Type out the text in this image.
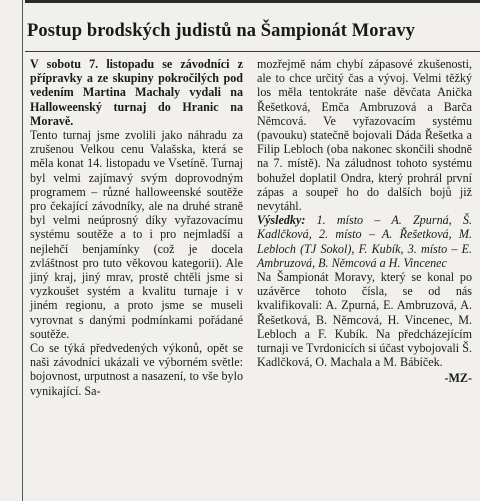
Postup brodských judistů na Šampionát Moravy

V sobotu 7. listopadu se závodníci z přípravky a ze skupiny pokročilých pod vedením Martina Machaly vydali na Halloweenský turnaj do Hranic na Moravě.

Tento turnaj jsme zvolili jako náhradu za zrušenou Velkou cenu Valašska, která se měla konat 14. listopadu ve Vsetíně. Turnaj byl velmi zajímavý svým doprovodným programem – různé halloweenské soutěže pro čekající závodníky, ale na druhé straně byl velmi neúprosný díky vyřazovacímu systému soutěže a to i pro nejmladší a nejlehčí benjamínky (což je docela zvláštnost pro tuto věkovou kategorii). Ale jiný kraj, jiný mrav, prostě chtěli jsme si vyzkoušet systém a kvalitu turnaje i v jiném regionu, a proto jsme se museli vyrovnat s danými podmínkami pořádané soutěže.

Co se týká předvedených výkonů, opět se naši závodníci ukázali ve výborném světle: bojovnost, urputnost a nasazení, to vše bylo vynikající. Sa-

mozřejmě nám chybí zápasové zkušenosti, ale to chce určitý čas a vývoj. Velmi těžký los měla tentokráte naše děvčata Anička Řešetková, Emča Ambruzová a Barča Němcová. Ve vyřazovacím systému (pavouku) statečně bojovali Dáda Řešetka a Filip Lebloch (oba nakonec skončili shodně na 7. místě). Na záludnost tohoto systému bohužel doplatil Ondra, který prohrál první zápas a soupeř ho do dalších bojů již nevytáhl.

Výsledky: 1. místo – A. Zpurná, Š. Kadlčková, 2. místo – A. Řešetková, M. Lebloch (TJ Sokol), F. Kubík, 3. místo – E. Ambruzová, B. Němcová a H. Vincenec

Na Šampionát Moravy, který se konal po uzávěrce tohoto čísla, se od nás kvalifikovali: A. Zpurná, E. Ambruzová, A. Řešetková, B. Němcová, H. Vincenec, M. Lebloch a F. Kubík. Na předcházejícím turnaji ve Tvrdonicích si účast vybojovali Š. Kadlčková, O. Machala a M. Bábíček.

-MZ-
